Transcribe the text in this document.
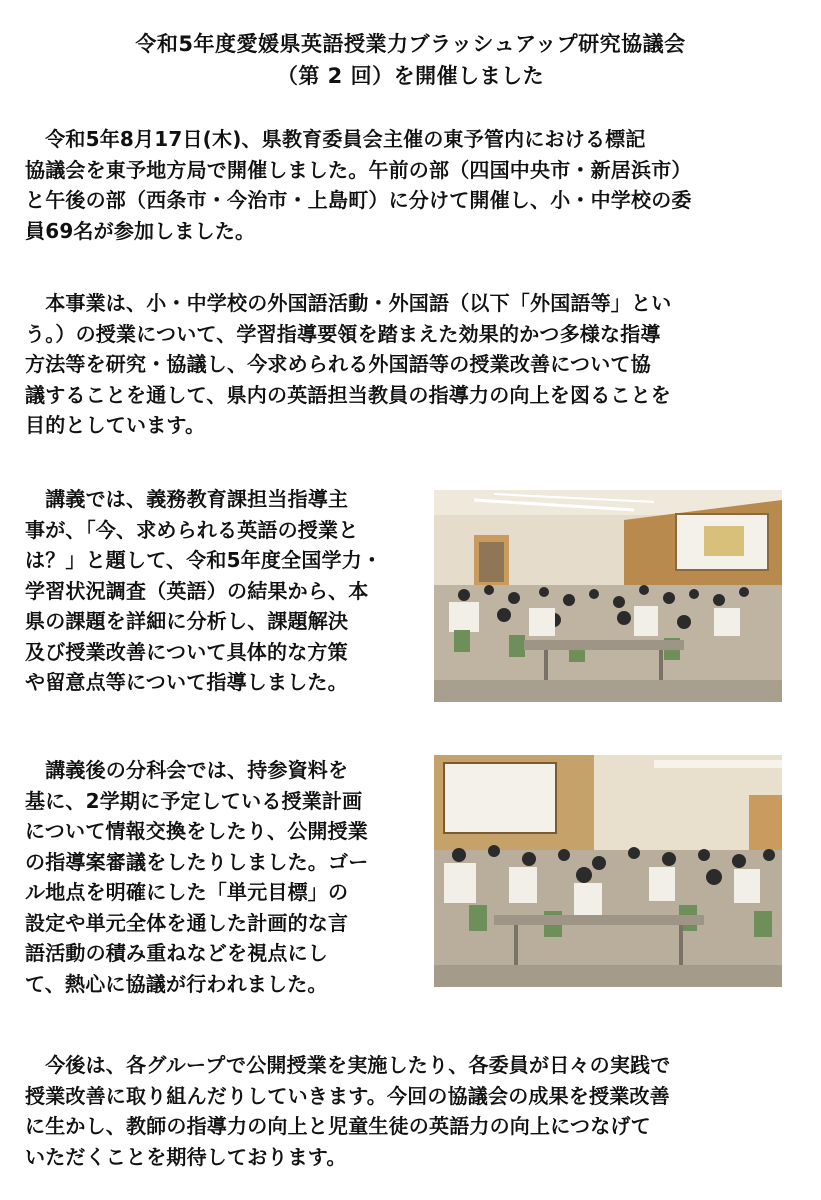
令和5年度愛媛県英語授業力ブラッシュアップ研究協議会
（第 2 回）を開催しました
　令和5年8月17日(木)、県教育委員会主催の東予管内における標記
協議会を東予地方局で開催しました。午前の部（四国中央市・新居浜市）
と午後の部（西条市・今治市・上島町）に分けて開催し、小・中学校の委
員69名が参加しました。
　本事業は、小・中学校の外国語活動・外国語（以下「外国語等」とい
う。）の授業について、学習指導要領を踏まえた効果的かつ多様な指導
方法等を研究・協議し、今求められる外国語等の授業改善について協
議することを通して、県内の英語担当教員の指導力の向上を図ることを
目的としています。
　講義では、義務教育課担当指導主
事が、「今、求められる英語の授業と
は？」と題して、令和5年度全国学力・
学習状況調査（英語）の結果から、本
県の課題を詳細に分析し、課題解決
及び授業改善について具体的な方策
や留意点等について指導しました。
　講義後の分科会では、持参資料を
基に、2学期に予定している授業計画
について情報交換をしたり、公開授業
の指導案審議をしたりしました。ゴー
ル地点を明確にした「単元目標」の
設定や単元全体を通した計画的な言
語活動の積み重ねなどを視点にし
て、熱心に協議が行われました。
　今後は、各グループで公開授業を実施したり、各委員が日々の実践で
授業改善に取り組んだりしていきます。今回の協議会の成果を授業改善
に生かし、教師の指導力の向上と児童生徒の英語力の向上につなげて
いただくことを期待しております。
